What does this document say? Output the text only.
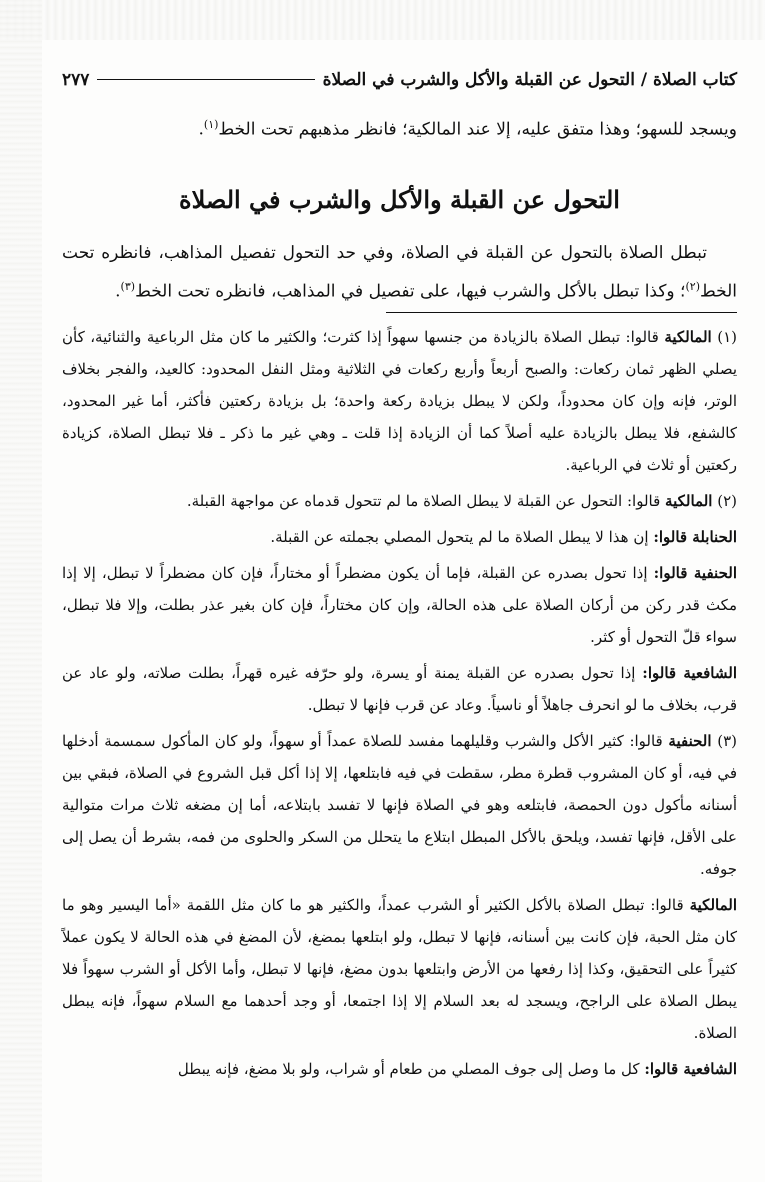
كتاب الصلاة / التحول عن القبلة والأكل والشرب في الصلاة
٢٧٧

ويسجد للسهو؛ وهذا متفق عليه، إلا عند المالكية؛ فانظر مذهبهم تحت الخط$^{(١)}$.

التحول عن القبلة والأكل والشرب في الصلاة

تبطل الصلاة بالتحول عن القبلة في الصلاة، وفي حد التحول تفصيل المذاهب، فانظره تحت الخط$^{(٢)}$؛ وكذا تبطل بالأكل والشرب فيها، على تفصيل في المذاهب، فانظره تحت الخط$^{(٣)}$.

(١) المالكية قالوا: تبطل الصلاة بالزيادة من جنسها سهواً إذا كثرت؛ والكثير ما كان مثل الرباعية والثنائية، كأن يصلي الظهر ثمان ركعات: والصبح أربعاً وأربع ركعات في الثلاثية ومثل النفل المحدود: كالعيد، والفجر بخلاف الوتر، فإنه وإن كان محدوداً، ولكن لا يبطل بزيادة ركعة واحدة؛ بل بزيادة ركعتين فأكثر، أما غير المحدود، كالشفع، فلا يبطل بالزيادة عليه أصلاً كما أن الزيادة إذا قلت ـ وهي غير ما ذكر ـ فلا تبطل الصلاة، كزيادة ركعتين أو ثلاث في الرباعية.

(٢) المالكية قالوا: التحول عن القبلة لا يبطل الصلاة ما لم تتحول قدماه عن مواجهة القبلة.

الحنابلة قالوا: إن هذا لا يبطل الصلاة ما لم يتحول المصلي بجملته عن القبلة.

الحنفية قالوا: إذا تحول بصدره عن القبلة، فإما أن يكون مضطراً أو مختاراً، فإن كان مضطراً لا تبطل، إلا إذا مكث قدر ركن من أركان الصلاة على هذه الحالة، وإن كان مختاراً، فإن كان بغير عذر بطلت، وإلا فلا تبطل، سواء قلّ التحول أو كثر.

الشافعية قالوا: إذا تحول بصدره عن القبلة يمنة أو يسرة، ولو حرّفه غيره قهراً، بطلت صلاته، ولو عاد عن قرب، بخلاف ما لو انحرف جاهلاً أو ناسياً. وعاد عن قرب فإنها لا تبطل.

(٣) الحنفية قالوا: كثير الأكل والشرب وقليلهما مفسد للصلاة عمداً أو سهواً، ولو كان المأكول سمسمة أدخلها في فيه، أو كان المشروب قطرة مطر، سقطت في فيه فابتلعها، إلا إذا أكل قبل الشروع في الصلاة، فبقي بين أسنانه مأكول دون الحمصة، فابتلعه وهو في الصلاة فإنها لا تفسد بابتلاعه، أما إن مضغه ثلاث مرات متوالية على الأقل، فإنها تفسد، ويلحق بالأكل المبطل ابتلاع ما يتحلل من السكر والحلوى من فمه، بشرط أن يصل إلى جوفه.

المالكية قالوا: تبطل الصلاة بالأكل الكثير أو الشرب عمداً، والكثير هو ما كان مثل اللقمة «أما اليسير وهو ما كان مثل الحبة، فإن كانت بين أسنانه، فإنها لا تبطل، ولو ابتلعها بمضغ، لأن المضغ في هذه الحالة لا يكون عملاً كثيراً على التحقيق، وكذا إذا رفعها من الأرض وابتلعها بدون مضغ، فإنها لا تبطل، وأما الأكل أو الشرب سهواً فلا يبطل الصلاة على الراجح، ويسجد له بعد السلام إلا إذا اجتمعا، أو وجد أحدهما مع السلام سهواً، فإنه يبطل الصلاة.

الشافعية قالوا: كل ما وصل إلى جوف المصلي من طعام أو شراب، ولو بلا مضغ، فإنه يبطل
